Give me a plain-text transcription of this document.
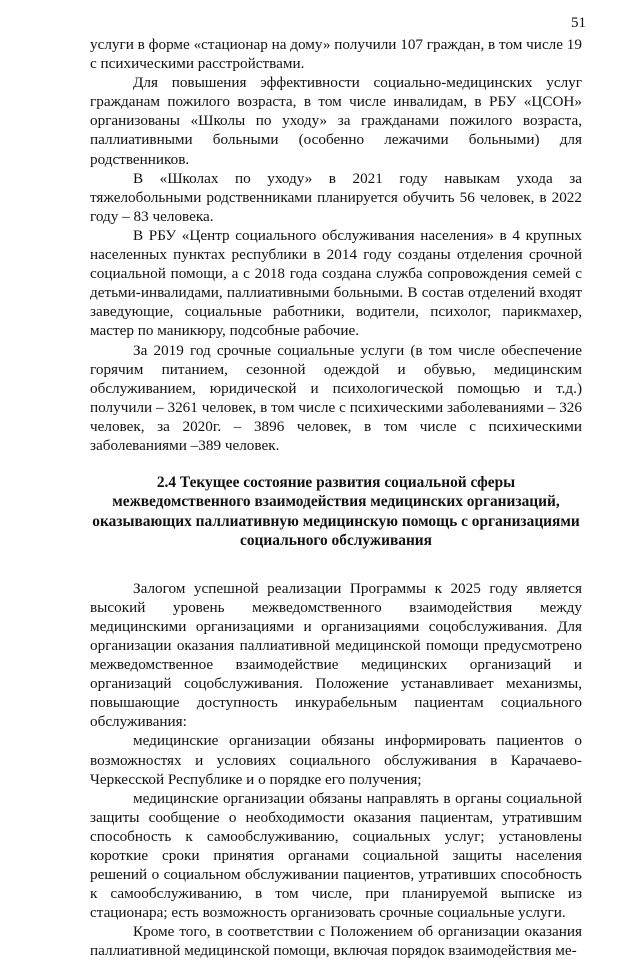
51

услуги в форме «стационар на дому» получили 107 граждан, в том числе 19 с психическими расстройствами.

Для повышения эффективности социально-медицинских услуг гражданам пожилого возраста, в том числе инвалидам, в РБУ «ЦСОН» организованы «Школы по уходу» за гражданами пожилого возраста, паллиативными больными (особенно лежачими больными) для родственников.

В «Школах по уходу» в 2021 году навыкам ухода за тяжелобольными родственниками планируется обучить 56 человек, в 2022 году – 83 человека.

В РБУ «Центр социального обслуживания населения» в 4 крупных населенных пунктах республики в 2014 году созданы отделения срочной социальной помощи, а с 2018 года создана служба сопровождения семей с детьми-инвалидами, паллиативными больными. В состав отделений входят заведующие, социальные работники, водители, психолог, парикмахер, мастер по маникюру, подсобные рабочие.

За 2019 год срочные социальные услуги (в том числе обеспечение горячим питанием, сезонной одеждой и обувью, медицинским обслуживанием, юридической и психологической помощью и т.д.) получили – 3261 человек, в том числе с психическими заболеваниями – 326 человек, за 2020г. – 3896 человек, в том числе с психическими заболеваниями –389 человек.

2.4 Текущее состояние развития социальной сферы
межведомственного взаимодействия медицинских организаций,
оказывающих паллиативную медицинскую помощь с организациями
социального обслуживания

Залогом успешной реализации Программы к 2025 году является высокий уровень межведомственного взаимодействия между медицинскими организациями и организациями соцобслуживания. Для организации оказания паллиативной медицинской помощи предусмотрено межведомственное взаимодействие медицинских организаций и организаций соцобслуживания. Положение устанавливает механизмы, повышающие доступность инкурабельным пациентам социального обслуживания:

медицинские организации обязаны информировать пациентов о возможностях и условиях социального обслуживания в Карачаево-Черкесской Республике и о порядке его получения;

медицинские организации обязаны направлять в органы социальной защиты сообщение о необходимости оказания пациентам, утратившим способность к самообслуживанию, социальных услуг; установлены короткие сроки принятия органами социальной защиты населения решений о социальном обслуживании пациентов, утративших способность к самообслуживанию, в том числе, при планируемой выписке из стационара; есть возможность организовать срочные социальные услуги.

Кроме того, в соответствии с Положением об организации оказания паллиативной медицинской помощи, включая порядок взаимодействия ме-
